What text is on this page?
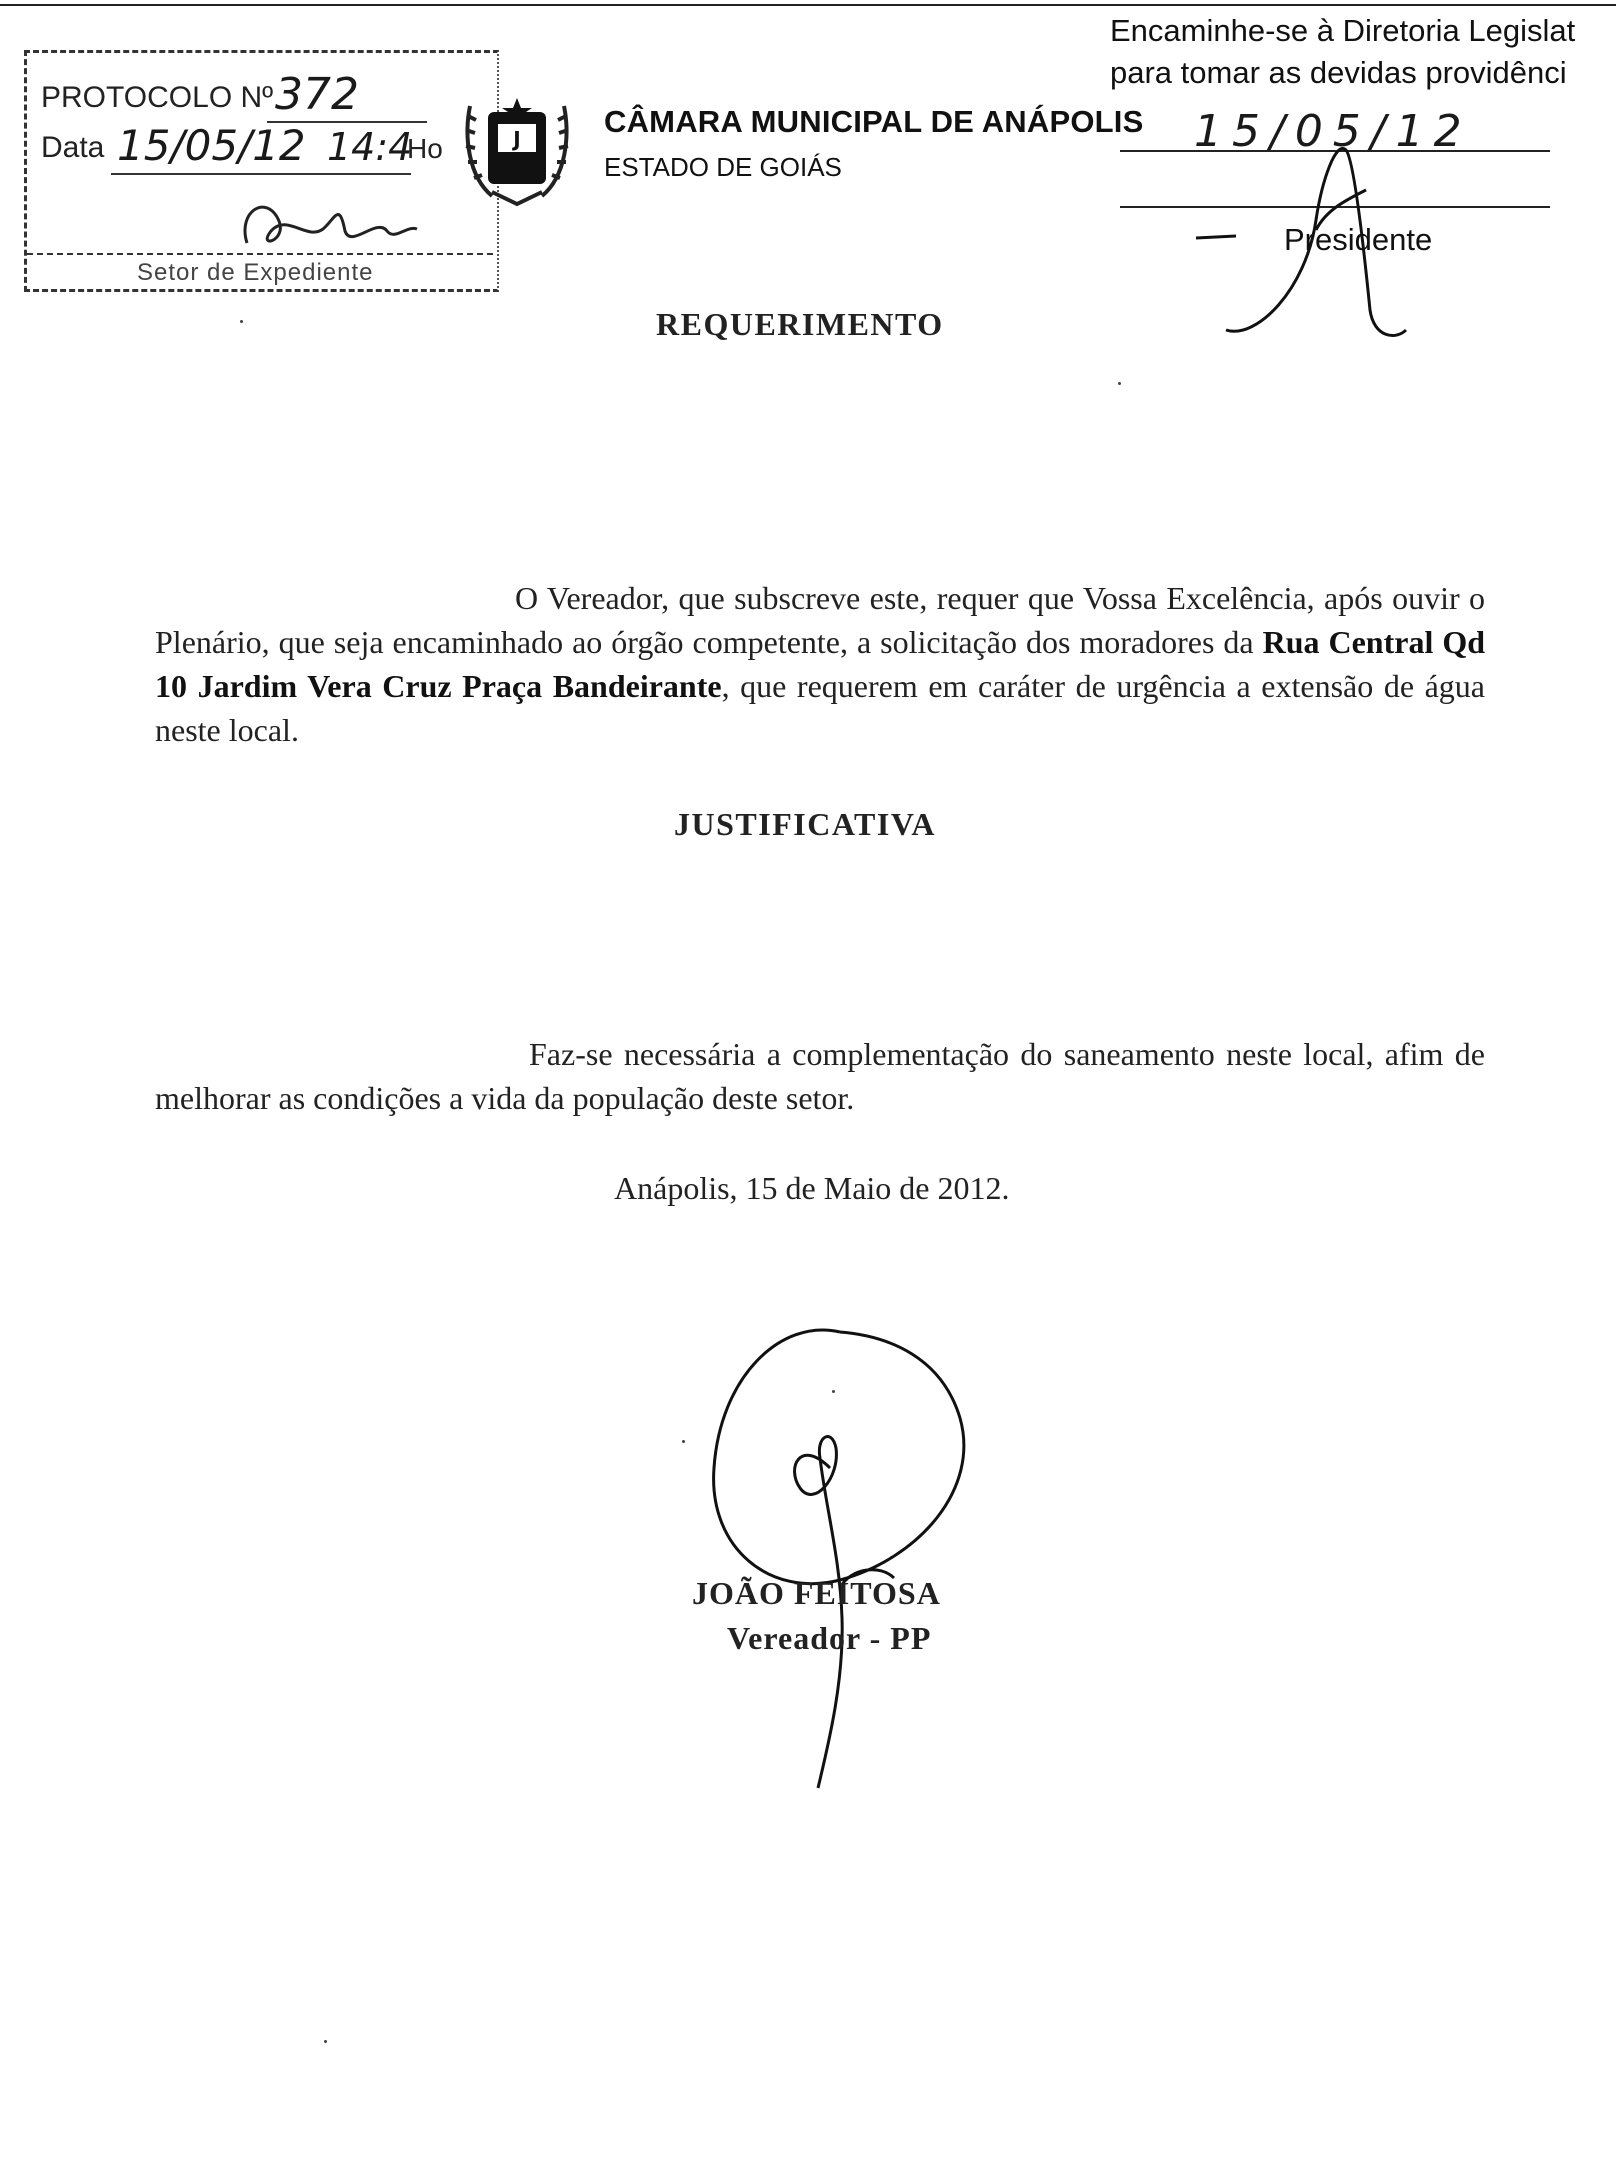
PROTOCOLO Nº 372
Data 15/05/12 14:4
Ho
Setor de Expediente
J	CÂMARA MUNICIPAL DE ANÁPOLIS
ESTADO DE GOIÁS
Encaminhe-se à Diretoria Legislat
para tomar as devidas providênci
15/05/12
Presidente
REQUERIMENTO
O Vereador, que subscreve este, requer que Vossa Excelência, após ouvir o Plenário, que seja encaminhado ao órgão competente, a solicitação dos moradores da Rua Central Qd 10 Jardim Vera Cruz Praça Bandeirante, que requerem em caráter de urgência a extensão de água neste local.
JUSTIFICATIVA
Faz-se necessária a complementação do saneamento neste local, afim de melhorar as condições a vida da população deste setor.
Anápolis, 15 de Maio de 2012.
JOÃO FEITOSA
Vereador - PP
